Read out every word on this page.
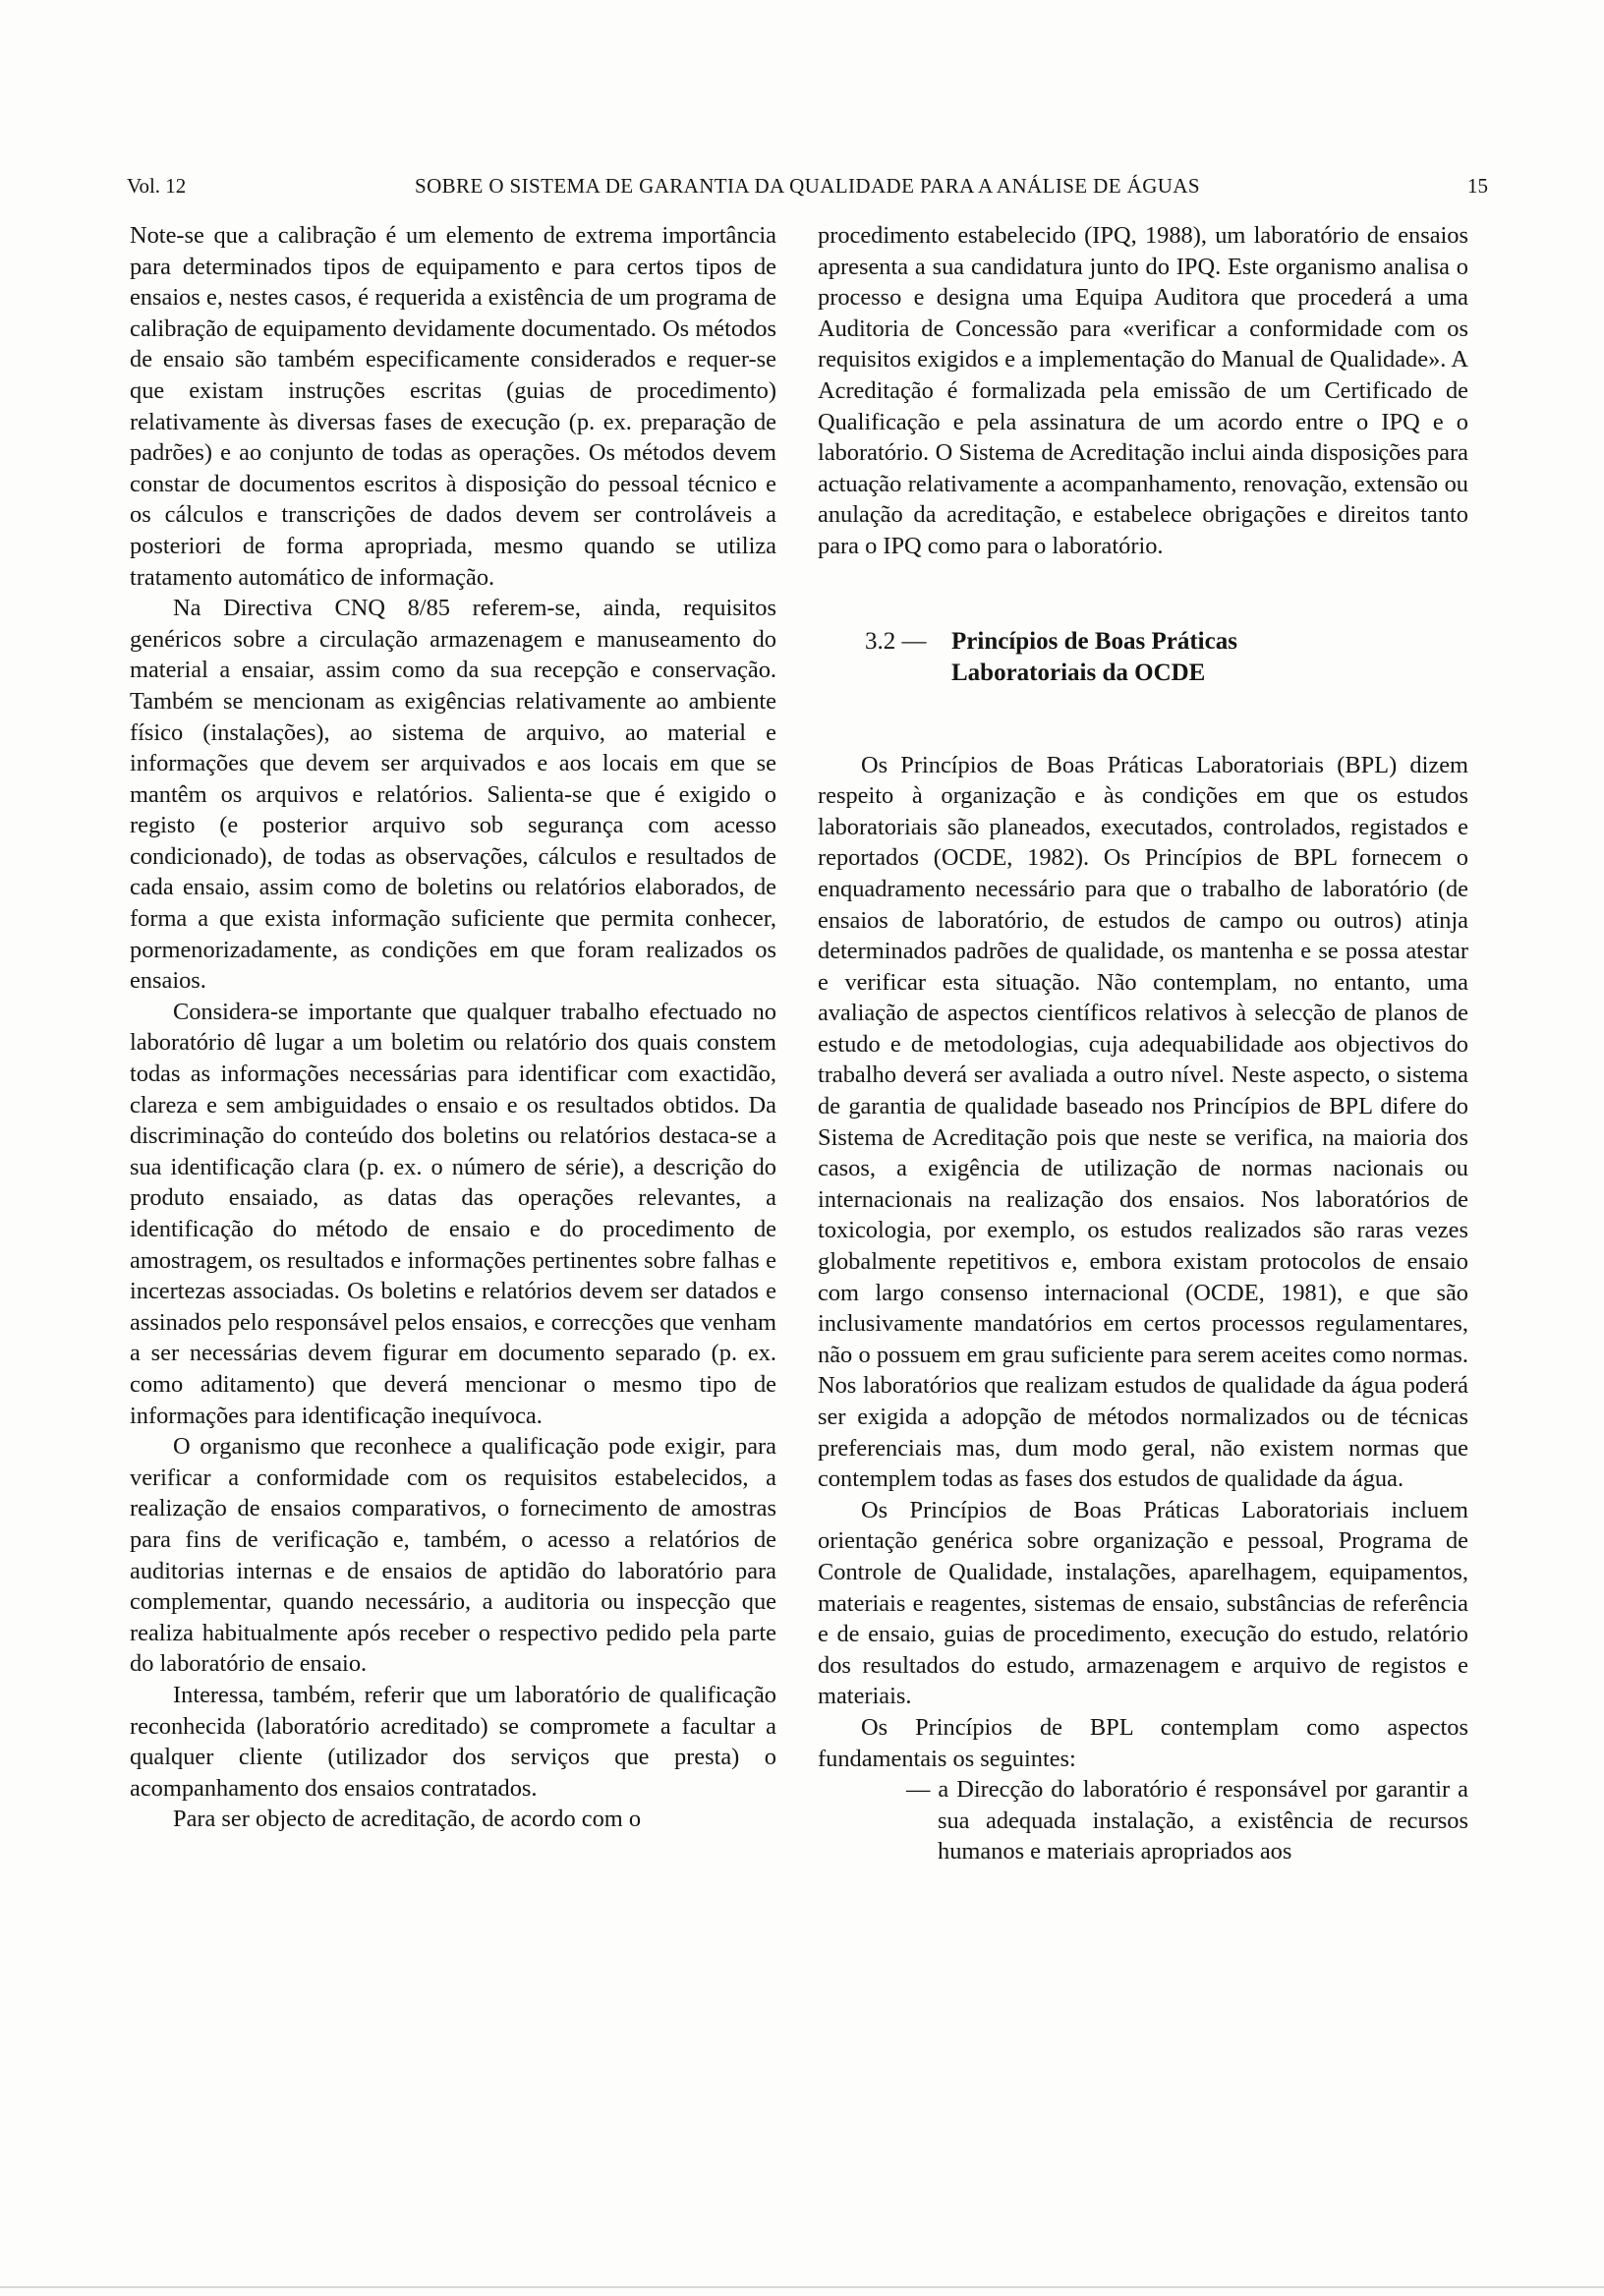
Vol. 12	SOBRE O SISTEMA DE GARANTIA DA QUALIDADE PARA A ANÁLISE DE ÁGUAS	15

Note-se que a calibração é um elemento de extrema importância para determinados tipos de equipamento e para certos tipos de ensaios e, nestes casos, é requerida a existência de um programa de calibração de equipamento devidamente documentado. Os métodos de ensaio são também especificamente considerados e requer-se que existam instruções escritas (guias de procedimento) relativamente às diversas fases de execução (p. ex. preparação de padrões) e ao conjunto de todas as operações. Os métodos devem constar de documentos escritos à disposição do pessoal técnico e os cálculos e transcrições de dados devem ser controláveis a posteriori de forma apropriada, mesmo quando se utiliza tratamento automático de informação.

Na Directiva CNQ 8/85 referem-se, ainda, requisitos genéricos sobre a circulação armazenagem e manuseamento do material a ensaiar, assim como da sua recepção e conservação. Também se mencionam as exigências relativamente ao ambiente físico (instalações), ao sistema de arquivo, ao material e informações que devem ser arquivados e aos locais em que se mantêm os arquivos e relatórios. Salienta-se que é exigido o registo (e posterior arquivo sob segurança com acesso condicionado), de todas as observações, cálculos e resultados de cada ensaio, assim como de boletins ou relatórios elaborados, de forma a que exista informação suficiente que permita conhecer, pormenorizadamente, as condições em que foram realizados os ensaios.

Considera-se importante que qualquer trabalho efectuado no laboratório dê lugar a um boletim ou relatório dos quais constem todas as informações necessárias para identificar com exactidão, clareza e sem ambiguidades o ensaio e os resultados obtidos. Da discriminação do conteúdo dos boletins ou relatórios destaca-se a sua identificação clara (p. ex. o número de série), a descrição do produto ensaiado, as datas das operações relevantes, a identificação do método de ensaio e do procedimento de amostragem, os resultados e informações pertinentes sobre falhas e incertezas associadas. Os boletins e relatórios devem ser datados e assinados pelo responsável pelos ensaios, e correcções que venham a ser necessárias devem figurar em documento separado (p. ex. como aditamento) que deverá mencionar o mesmo tipo de informações para identificação inequívoca.

O organismo que reconhece a qualificação pode exigir, para verificar a conformidade com os requisitos estabelecidos, a realização de ensaios comparativos, o fornecimento de amostras para fins de verificação e, também, o acesso a relatórios de auditorias internas e de ensaios de aptidão do laboratório para complementar, quando necessário, a auditoria ou inspecção que realiza habitualmente após receber o respectivo pedido pela parte do laboratório de ensaio.

Interessa, também, referir que um laboratório de qualificação reconhecida (laboratório acreditado) se compromete a facultar a qualquer cliente (utilizador dos serviços que presta) o acompanhamento dos ensaios contratados.

Para ser objecto de acreditação, de acordo com o

procedimento estabelecido (IPQ, 1988), um laboratório de ensaios apresenta a sua candidatura junto do IPQ. Este organismo analisa o processo e designa uma Equipa Auditora que procederá a uma Auditoria de Concessão para «verificar a conformidade com os requisitos exigidos e a implementação do Manual de Qualidade». A Acreditação é formalizada pela emissão de um Certificado de Qualificação e pela assinatura de um acordo entre o IPQ e o laboratório. O Sistema de Acreditação inclui ainda disposições para actuação relativamente a acompanhamento, renovação, extensão ou anulação da acreditação, e estabelece obrigações e direitos tanto para o IPQ como para o laboratório.

3.2 — Princípios de Boas Práticas
Laboratoriais da OCDE

Os Princípios de Boas Práticas Laboratoriais (BPL) dizem respeito à organização e às condições em que os estudos laboratoriais são planeados, executados, controlados, registados e reportados (OCDE, 1982). Os Princípios de BPL fornecem o enquadramento necessário para que o trabalho de laboratório (de ensaios de laboratório, de estudos de campo ou outros) atinja determinados padrões de qualidade, os mantenha e se possa atestar e verificar esta situação. Não contemplam, no entanto, uma avaliação de aspectos científicos relativos à selecção de planos de estudo e de metodologias, cuja adequabilidade aos objectivos do trabalho deverá ser avaliada a outro nível. Neste aspecto, o sistema de garantia de qualidade baseado nos Princípios de BPL difere do Sistema de Acreditação pois que neste se verifica, na maioria dos casos, a exigência de utilização de normas nacionais ou internacionais na realização dos ensaios. Nos laboratórios de toxicologia, por exemplo, os estudos realizados são raras vezes globalmente repetitivos e, embora existam protocolos de ensaio com largo consenso internacional (OCDE, 1981), e que são inclusivamente mandatórios em certos processos regulamentares, não o possuem em grau suficiente para serem aceites como normas. Nos laboratórios que realizam estudos de qualidade da água poderá ser exigida a adopção de métodos normalizados ou de técnicas preferenciais mas, dum modo geral, não existem normas que contemplem todas as fases dos estudos de qualidade da água.

Os Princípios de Boas Práticas Laboratoriais incluem orientação genérica sobre organização e pessoal, Programa de Controle de Qualidade, instalações, aparelhagem, equipamentos, materiais e reagentes, sistemas de ensaio, substâncias de referência e de ensaio, guias de procedimento, execução do estudo, relatório dos resultados do estudo, armazenagem e arquivo de registos e materiais.

Os Princípios de BPL contemplam como aspectos fundamentais os seguintes:

— a Direcção do laboratório é responsável por garantir a sua adequada instalação, a existência de recursos humanos e materiais apropriados aos
